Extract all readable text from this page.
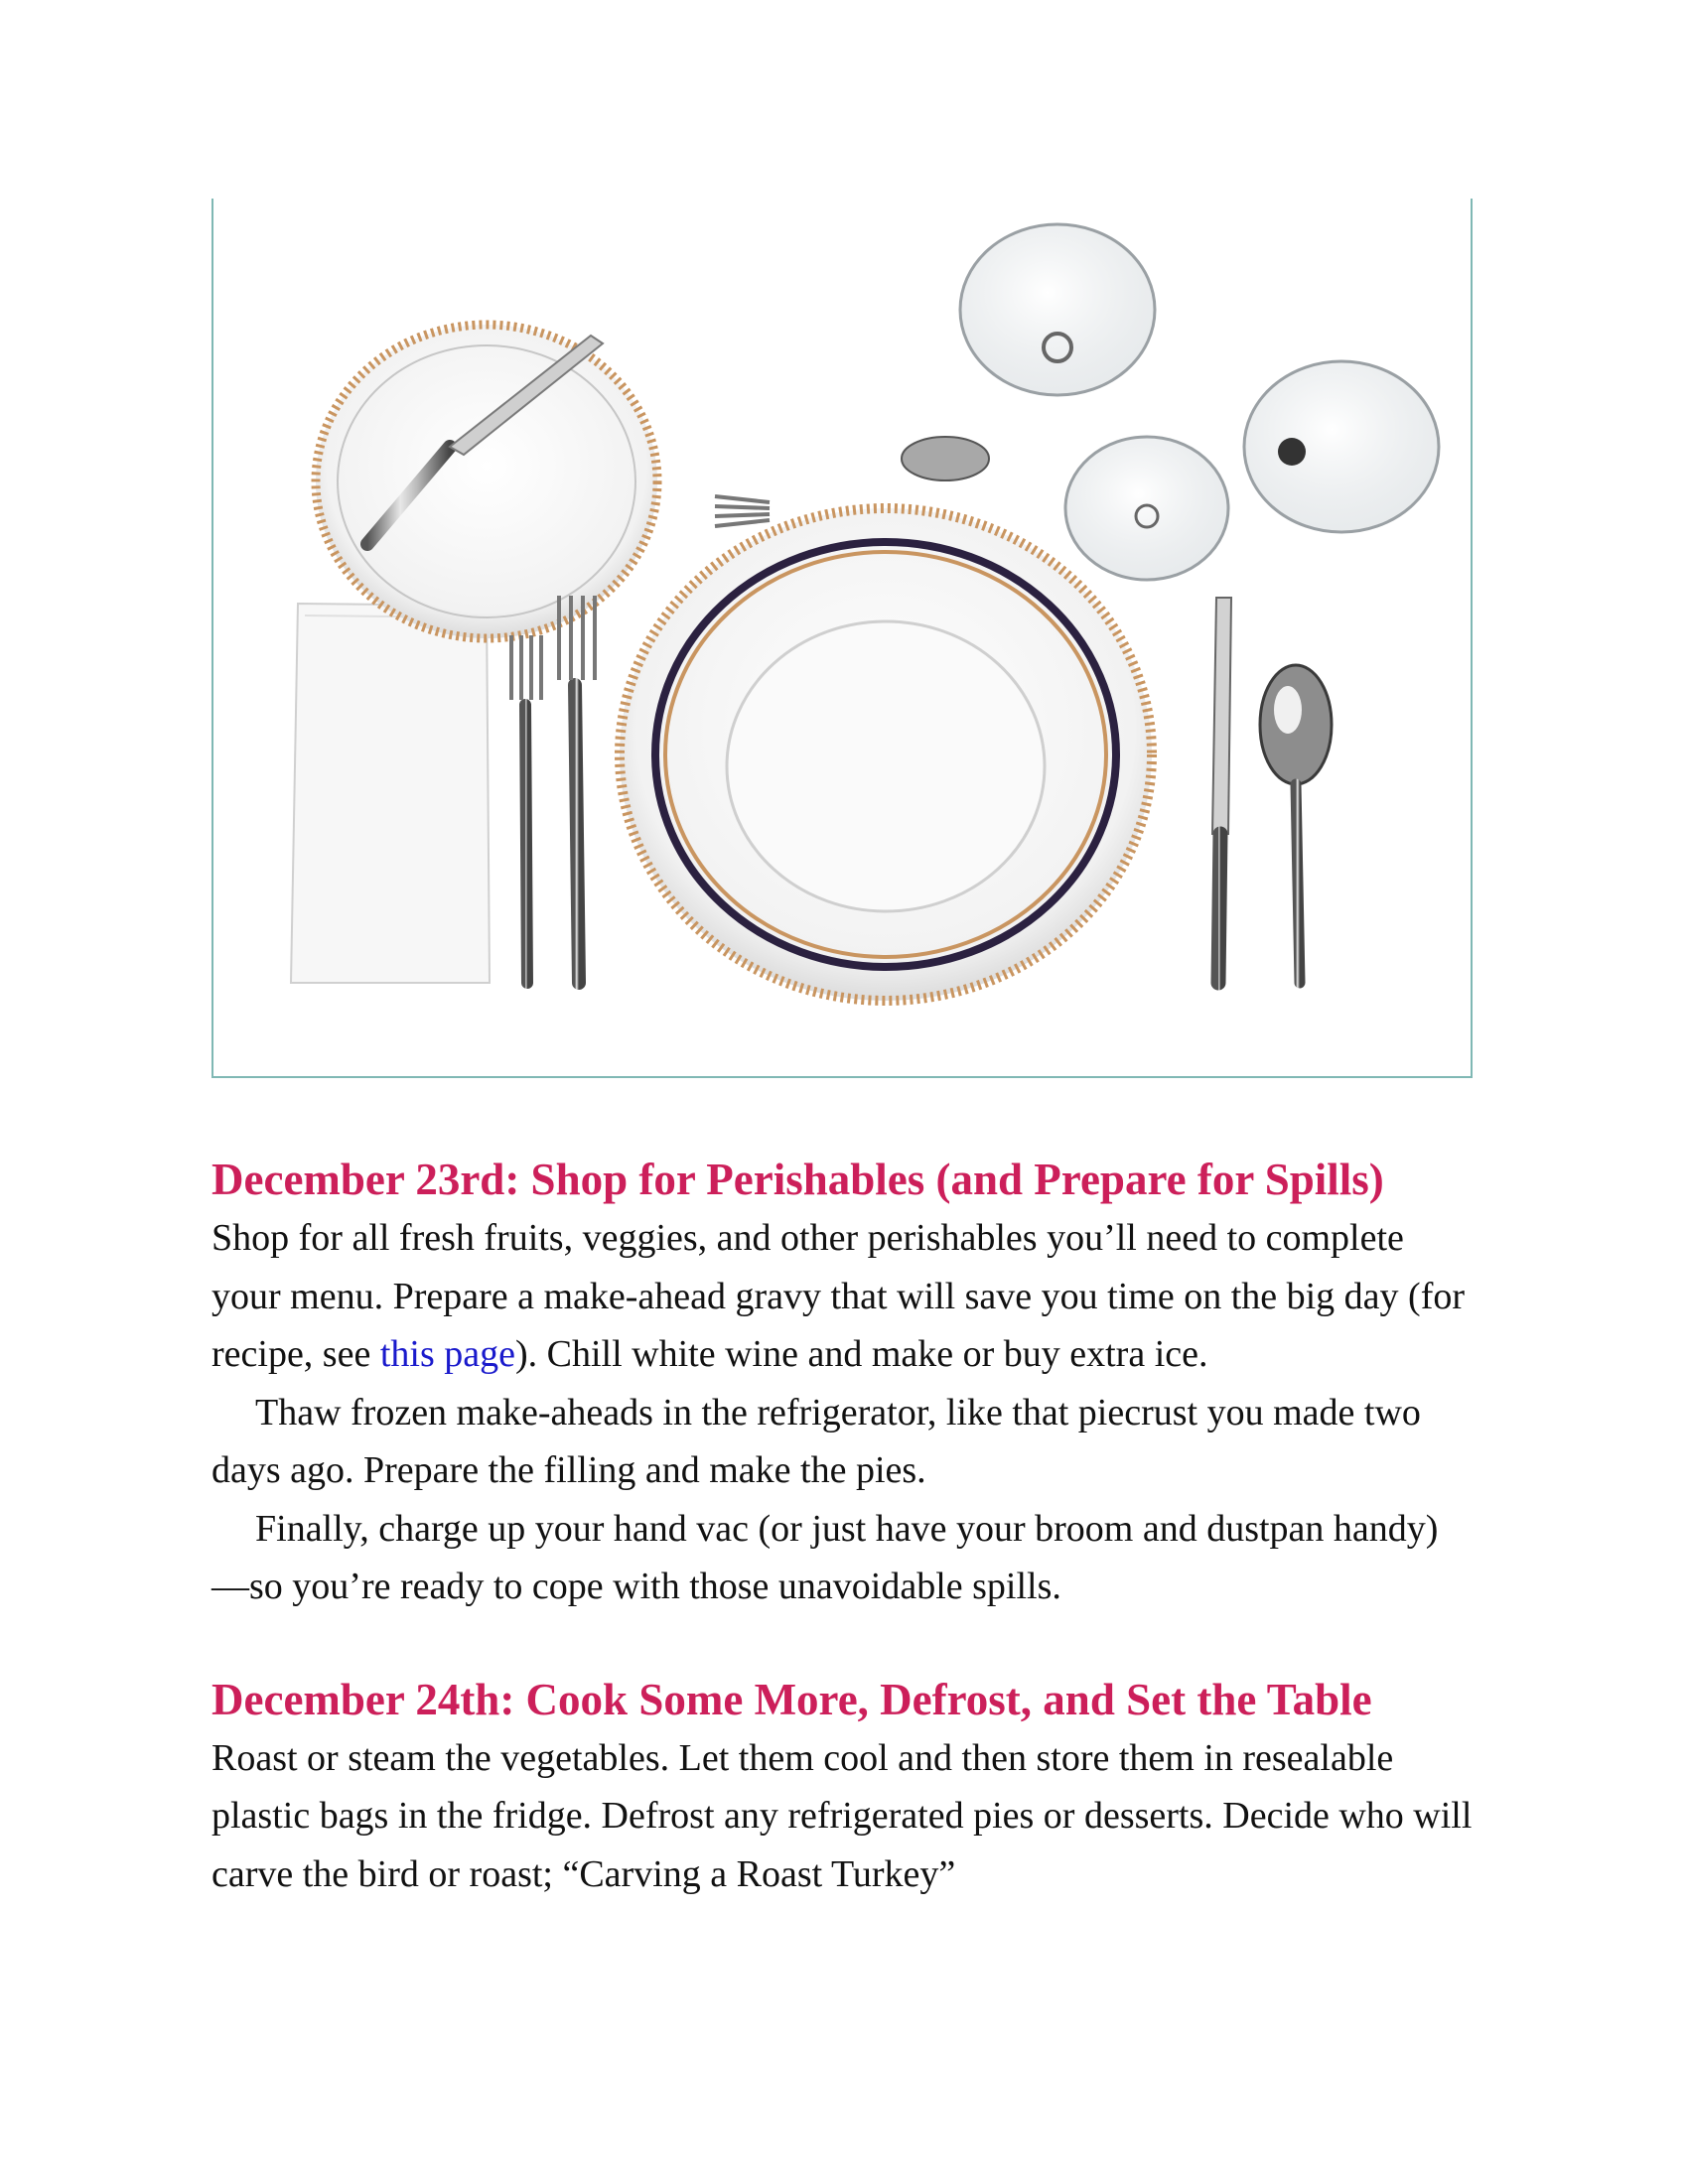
December 23rd: Shop for Perishables (and Prepare for Spills)

Shop for all fresh fruits, veggies, and other perishables you’ll need to complete your menu. Prepare a make-ahead gravy that will save you time on the big day (for recipe, see this page). Chill white wine and make or buy extra ice.

Thaw frozen make-aheads in the refrigerator, like that piecrust you made two days ago. Prepare the filling and make the pies.

Finally, charge up your hand vac (or just have your broom and dustpan handy)—so you’re ready to cope with those unavoidable spills.

December 24th: Cook Some More, Defrost, and Set the Table

Roast or steam the vegetables. Let them cool and then store them in resealable plastic bags in the fridge. Defrost any refrigerated pies or desserts. Decide who will carve the bird or roast; “Carving a Roast Turkey”
